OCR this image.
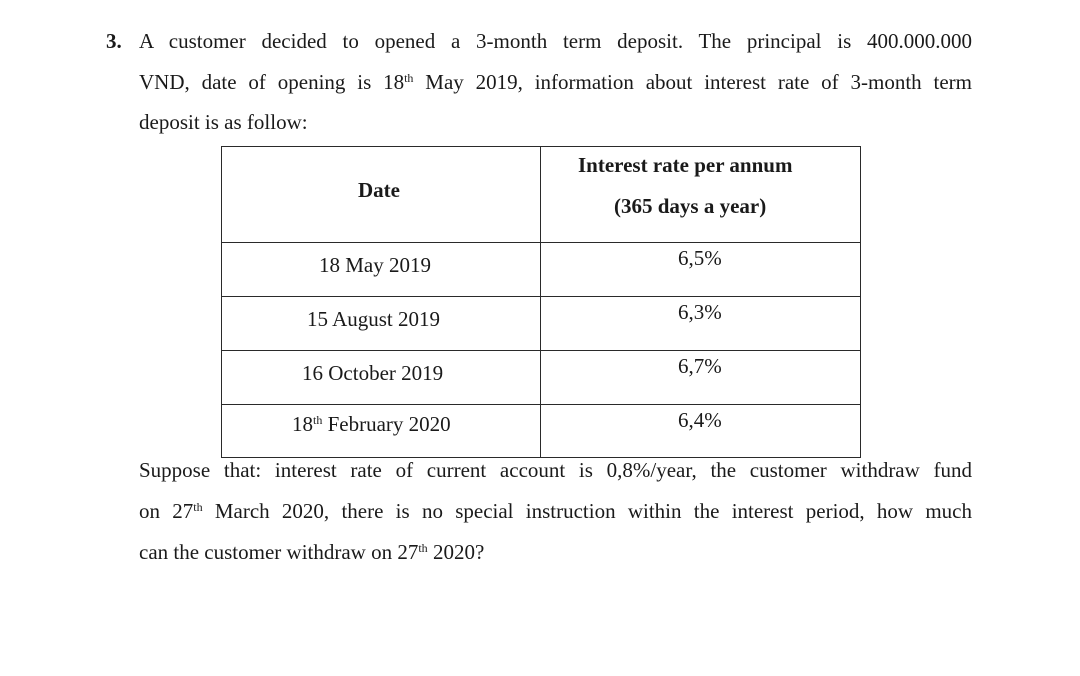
3. A customer decided to opened a 3-month term deposit. The principal is 400.000.000
VND, date of opening is 18th May 2019, information about interest rate of 3-month term
deposit is as follow:
Date	Interest rate per annum
(365 days a year)

18 May 2019	6,5%

15 August 2019	6,3%

16 October 2019	6,7%

18th February 2020	6,4%
Suppose that: interest rate of current account is 0,8%/year, the customer withdraw fund
on 27th March 2020, there is no special instruction within the interest period, how much
can the customer withdraw on 27th 2020?
